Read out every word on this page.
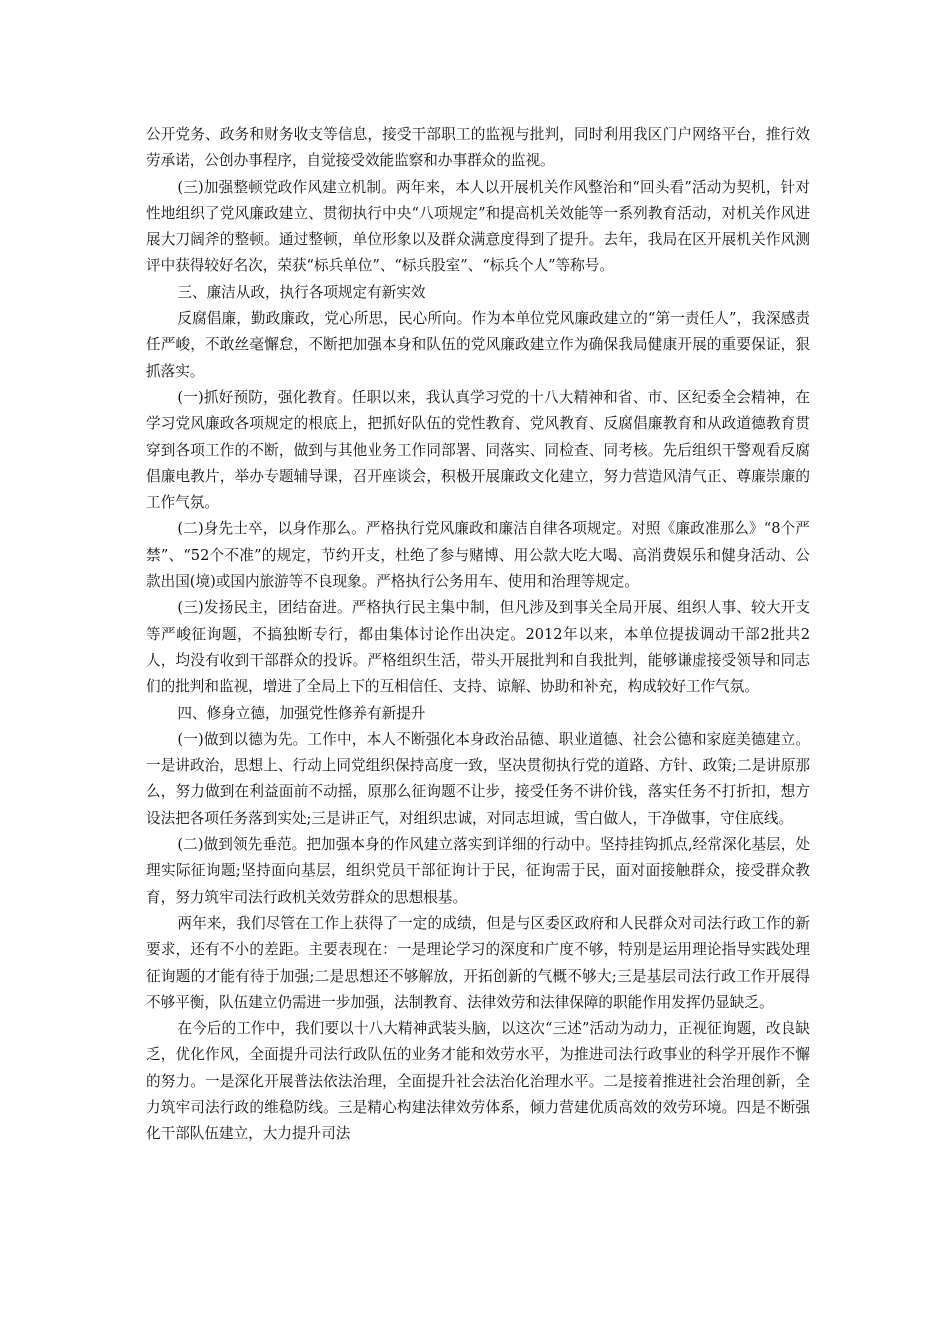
公开党务、政务和财务收支等信息，接受干部职工的监视与批判，同时利用我区门户网络平台，推行效劳承诺，公创办事程序，自觉接受效能监察和办事群众的监视。

(三)加强整顿党政作风建立机制。两年来，本人以开展机关作风整治和“回头看”活动为契机，针对性地组织了党风廉政建立、贯彻执行中央“八项规定”和提高机关效能等一系列教育活动，对机关作风进展大刀阔斧的整顿。通过整顿，单位形象以及群众满意度得到了提升。去年，我局在区开展机关作风测评中获得较好名次，荣获“标兵单位”、“标兵股室”、“标兵个人”等称号。

三、廉洁从政，执行各项规定有新实效

反腐倡廉，勤政廉政，党心所思，民心所向。作为本单位党风廉政建立的“第一责任人”，我深感责任严峻，不敢丝毫懈怠，不断把加强本身和队伍的党风廉政建立作为确保我局健康开展的重要保证，狠抓落实。

(一)抓好预防，强化教育。任职以来，我认真学习党的十八大精神和省、市、区纪委全会精神，在学习党风廉政各项规定的根底上，把抓好队伍的党性教育、党风教育、反腐倡廉教育和从政道德教育贯穿到各项工作的不断，做到与其他业务工作同部署、同落实、同检查、同考核。先后组织干警观看反腐倡廉电教片，举办专题辅导课，召开座谈会，积极开展廉政文化建立，努力营造风清气正、尊廉崇廉的工作气氛。

(二)身先士卒，以身作那么。严格执行党风廉政和廉洁自律各项规定。对照《廉政准那么》“8个严禁”、“52个不准”的规定，节约开支，杜绝了参与赌博、用公款大吃大喝、高消费娱乐和健身活动、公款出国(境)或国内旅游等不良现象。严格执行公务用车、使用和治理等规定。

(三)发扬民主，团结奋进。严格执行民主集中制，但凡涉及到事关全局开展、组织人事、较大开支等严峻征询题，不搞独断专行，都由集体讨论作出决定。2012年以来，本单位提拔调动干部2批共2人，均没有收到干部群众的投诉。严格组织生活，带头开展批判和自我批判，能够谦虚接受领导和同志们的批判和监视，增进了全局上下的互相信任、支持、谅解、协助和补充，构成较好工作气氛。

四、修身立德，加强党性修养有新提升

(一)做到以德为先。工作中，本人不断强化本身政治品德、职业道德、社会公德和家庭美德建立。一是讲政治，思想上、行动上同党组织保持高度一致，坚决贯彻执行党的道路、方针、政策;二是讲原那么，努力做到在利益面前不动摇，原那么征询题不让步，接受任务不讲价钱，落实任务不打折扣，想方设法把各项任务落到实处;三是讲正气，对组织忠诚，对同志坦诚，雪白做人，干净做事，守住底线。

(二)做到领先垂范。把加强本身的作风建立落实到详细的行动中。坚持挂钩抓点,经常深化基层，处理实际征询题;坚持面向基层，组织党员干部征询计于民，征询需于民，面对面接触群众，接受群众教育，努力筑牢司法行政机关效劳群众的思想根基。

两年来，我们尽管在工作上获得了一定的成绩，但是与区委区政府和人民群众对司法行政工作的新要求，还有不小的差距。主要表现在：一是理论学习的深度和广度不够，特别是运用理论指导实践处理征询题的才能有待于加强;二是思想还不够解放，开拓创新的气概不够大;三是基层司法行政工作开展得不够平衡，队伍建立仍需进一步加强，法制教育、法律效劳和法律保障的职能作用发挥仍显缺乏。

在今后的工作中，我们要以十八大精神武装头脑，以这次“三述”活动为动力，正视征询题，改良缺乏，优化作风，全面提升司法行政队伍的业务才能和效劳水平，为推进司法行政事业的科学开展作不懈的努力。一是深化开展普法依法治理，全面提升社会法治化治理水平。二是接着推进社会治理创新，全力筑牢司法行政的维稳防线。三是精心构建法律效劳体系，倾力营建优质高效的效劳环境。四是不断强化干部队伍建立，大力提升司法
